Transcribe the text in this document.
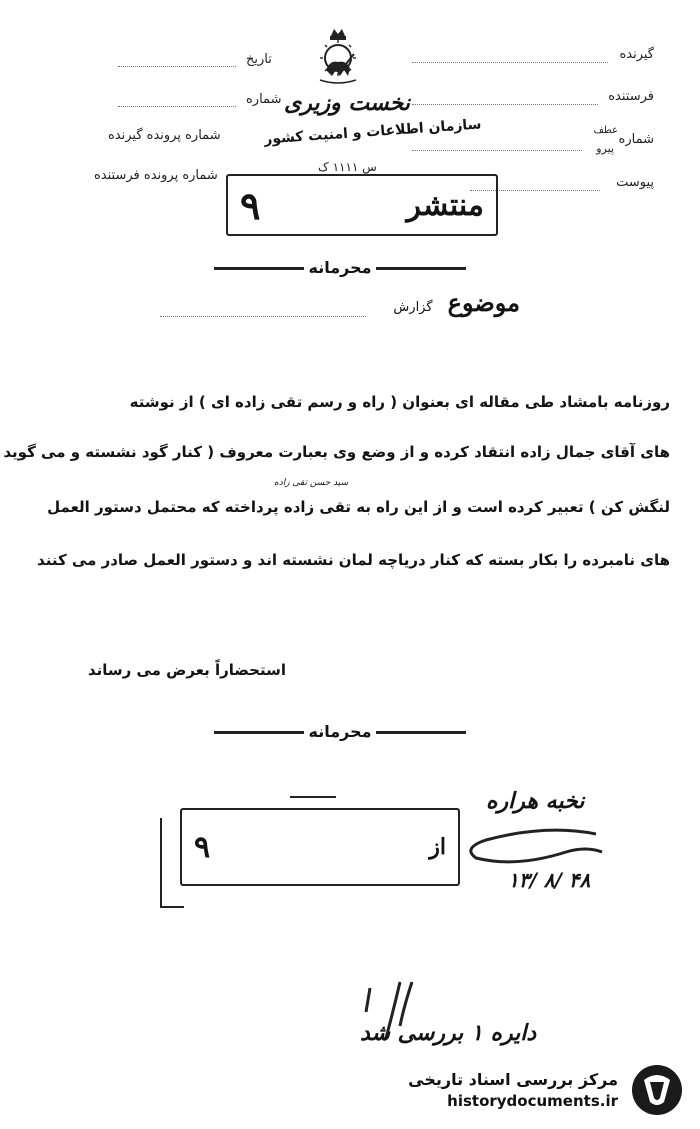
گیرنده
فرستنده
شماره
عطف
پیرو
پیوست
تاریخ
شماره
شماره پرونده گیرنده
شماره پرونده فرستنده
نخست وزیری
سازمان اطلاعات و امنیت کشور
س ۱۱۱۱ ک
منتشر
۹
محرمانه
موضوع گزارش
روزنامه بامشاد طی مقاله ای بعنوان ( راه و رسم تقی زاده ای ) از نوشته
های آقای جمال زاده انتقاد کرده و از وضع وی بعبارت معروف ( کنار گود نشسته و می گوید
سید حسن تقی زاده
لنگش کن ) تعبیر کرده است و از این راه به تقی زاده پرداخته که محتمل دستور العمل
های نامبرده را بکار بسته که کنار دریاچه لمان نشسته اند و دستور العمل صادر می کنند
استحضاراً بعرض می رساند
محرمانه
از
۹
نخبه هراره
۱۳/ ۸/ ۴۸
دایره ۱ بررسی شد
مرکز بررسی اسناد تاریخی
historydocuments.ir
